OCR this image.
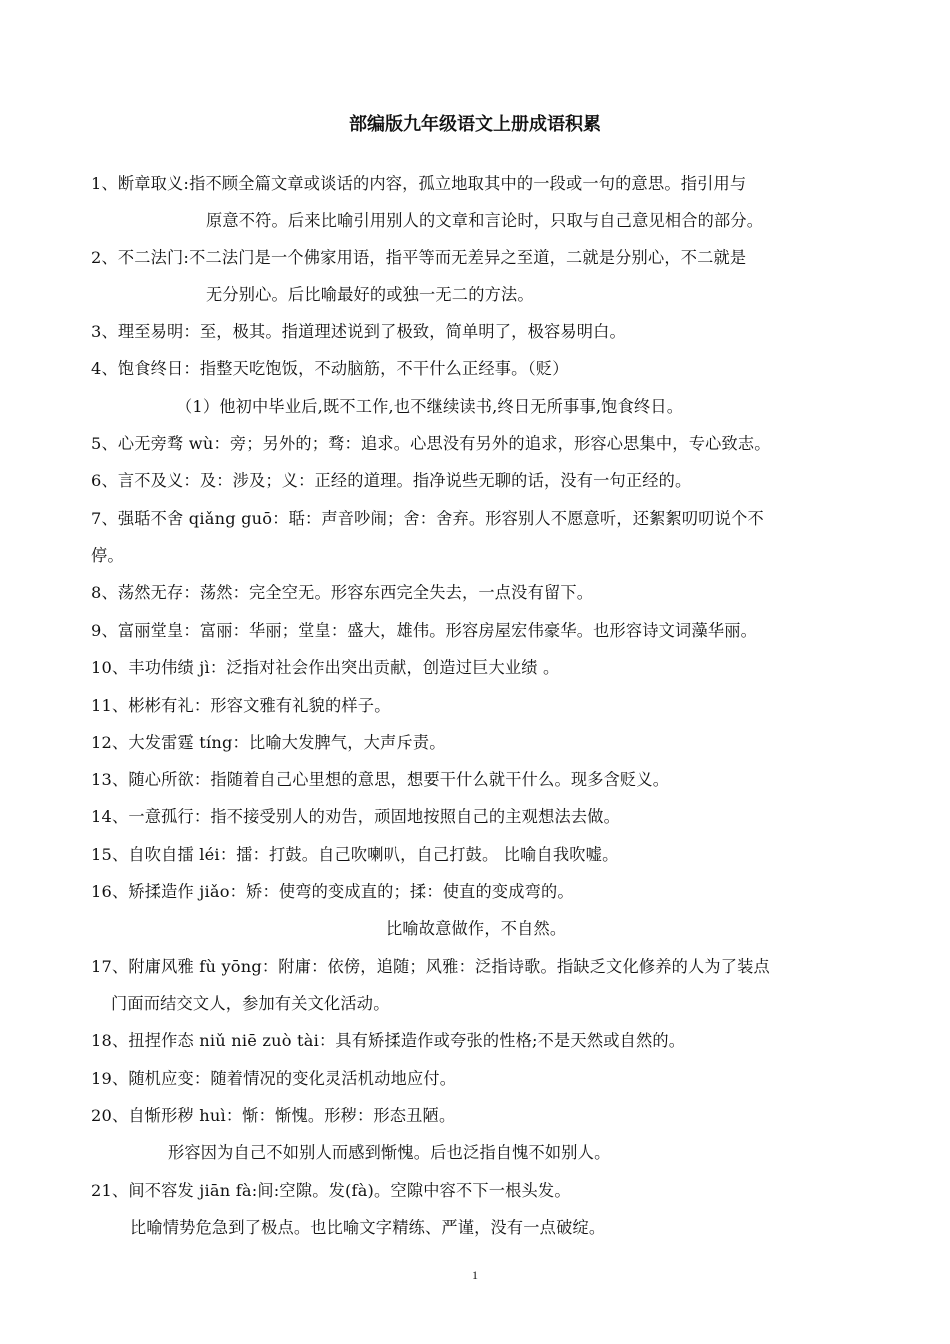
部编版九年级语文上册成语积累
1、断章取义:指不顾全篇文章或谈话的内容，孤立地取其中的一段或一句的意思。指引用与
原意不符。后来比喻引用别人的文章和言论时，只取与自己意见相合的部分。
2、不二法门:不二法门是一个佛家用语，指平等而无差异之至道，二就是分别心，不二就是
无分别心。后比喻最好的或独一无二的方法。
3、理至易明：至，极其。指道理述说到了极致，简单明了，极容易明白。
4、饱食终日：指整天吃饱饭，不动脑筋，不干什么正经事。（贬）
（1）他初中毕业后,既不工作,也不继续读书,终日无所事事,饱食终日。
5、心无旁骛 wù：旁；另外的；骛：追求。心思没有另外的追求，形容心思集中，专心致志。
6、言不及义：及：涉及；义：正经的道理。指净说些无聊的话，没有一句正经的。
7、强聒不舍 qiǎng guō：聒：声音吵闹；舍：舍弃。形容别人不愿意听，还絮絮叨叨说个不
停。
8、荡然无存：荡然：完全空无。形容东西完全失去，一点没有留下。
9、富丽堂皇：富丽：华丽；堂皇：盛大，雄伟。形容房屋宏伟豪华。也形容诗文词藻华丽。
10、丰功伟绩 jì：泛指对社会作出突出贡献，创造过巨大业绩 。
11、彬彬有礼：形容文雅有礼貌的样子。
12、大发雷霆 tíng：比喻大发脾气，大声斥责。
13、随心所欲：指随着自己心里想的意思，想要干什么就干什么。现多含贬义。
14、一意孤行：指不接受别人的劝告，顽固地按照自己的主观想法去做。
15、自吹自擂 léi：擂：打鼓。自己吹喇叭，自己打鼓。 比喻自我吹嘘。
16、矫揉造作 jiǎo：矫：使弯的变成直的；揉：使直的变成弯的。
比喻故意做作，不自然。
17、附庸风雅 fù yōng：附庸：依傍，追随；风雅：泛指诗歌。指缺乏文化修养的人为了装点
门面而结交文人，参加有关文化活动。
18、扭捏作态 niǔ niē zuò tài：具有矫揉造作或夸张的性格;不是天然或自然的。
19、随机应变：随着情况的变化灵活机动地应付。
20、自惭形秽 huì：惭：惭愧。形秽：形态丑陋。
形容因为自己不如别人而感到惭愧。后也泛指自愧不如别人。
21、间不容发 jiān fà:间:空隙。发(fà)。空隙中容不下一根头发。
比喻情势危急到了极点。也比喻文字精练、严谨，没有一点破绽。
1
